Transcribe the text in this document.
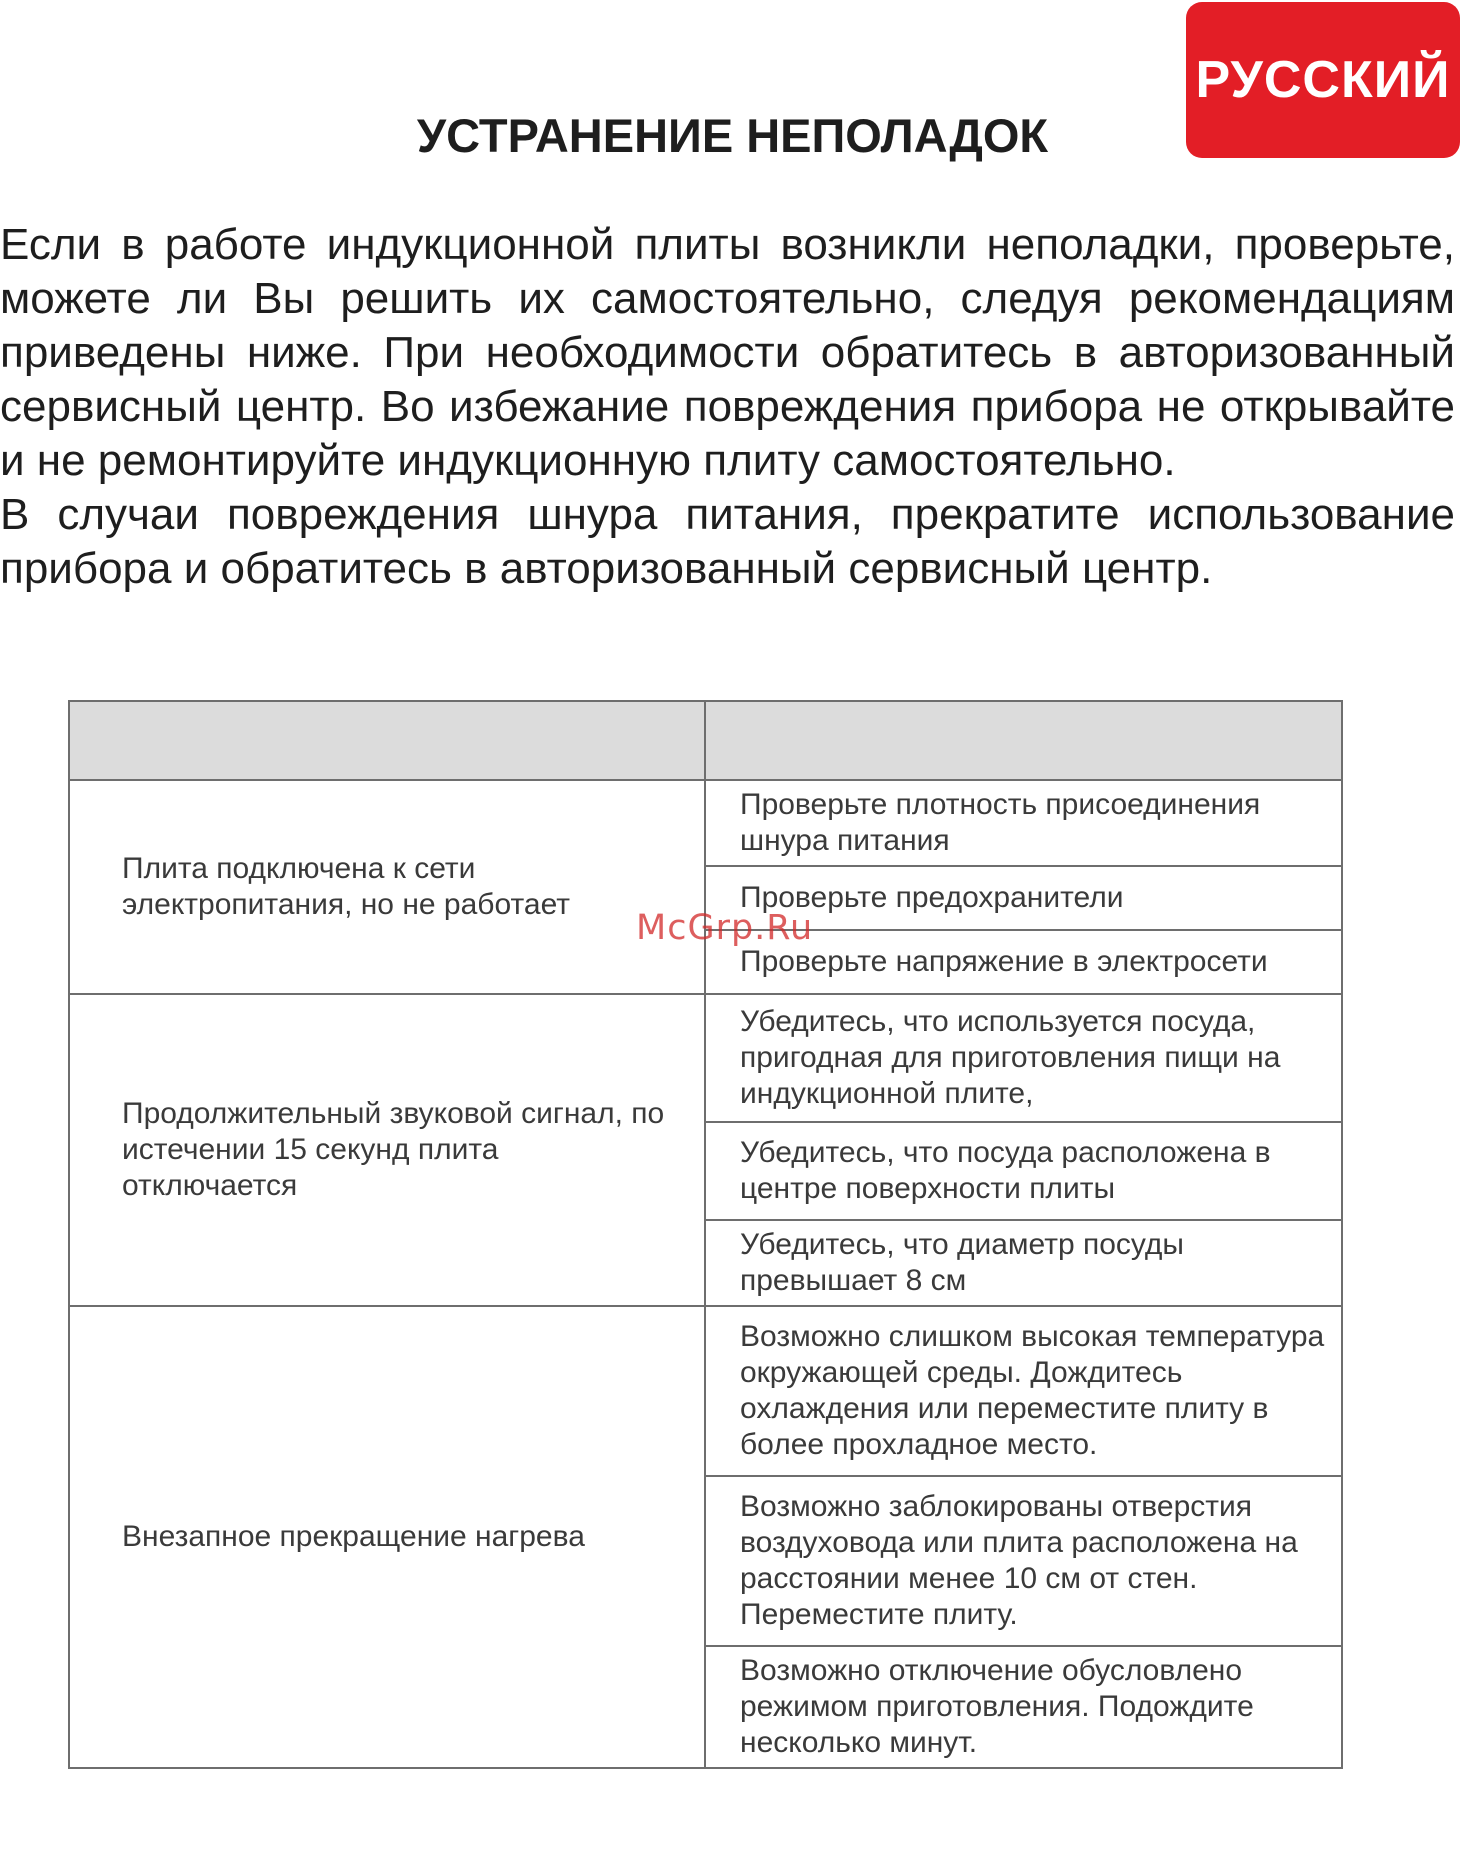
РУССКИЙ
УСТРАНЕНИЕ НЕПОЛАДОК

Если в работе индукционной плиты возникли неполадки, проверьте, можете ли Вы решить их самостоятельно, следуя рекомендациям приведены ниже. При необходимости обратитесь в авторизованный сервисный центр. Во избежание повреждения прибора не открывайте и не ремонтируйте индукционную плиту самостоятельно.

В случаи повреждения шнура питания, прекратите использование прибора и обратитесь в авторизованный сервисный центр.

Плита подключена к сети электропитания, но не работает	Проверьте плотность присоединения шнура питания
	Проверьте предохранители
	Проверьте напряжение в электросети

Продолжительный звуковой сигнал, по истечении 15 секунд плита отключается	Убедитесь, что используется посуда, пригодная для приготовления пищи на индукционной плите,
	Убедитесь, что посуда расположена в центре поверхности плиты
	Убедитесь, что диаметр посуды превышает 8 см

Внезапное прекращение нагрева	Возможно слишком высокая температура окружающей среды. Дождитесь охлаждения или переместите плиту в более прохладное место.
	Возможно заблокированы отверстия воздуховода или плита расположена на расстоянии менее 10 см от стен. Переместите плиту.
	Возможно отключение обусловлено режимом приготовления. Подождите несколько минут.
McGrp.Ru
